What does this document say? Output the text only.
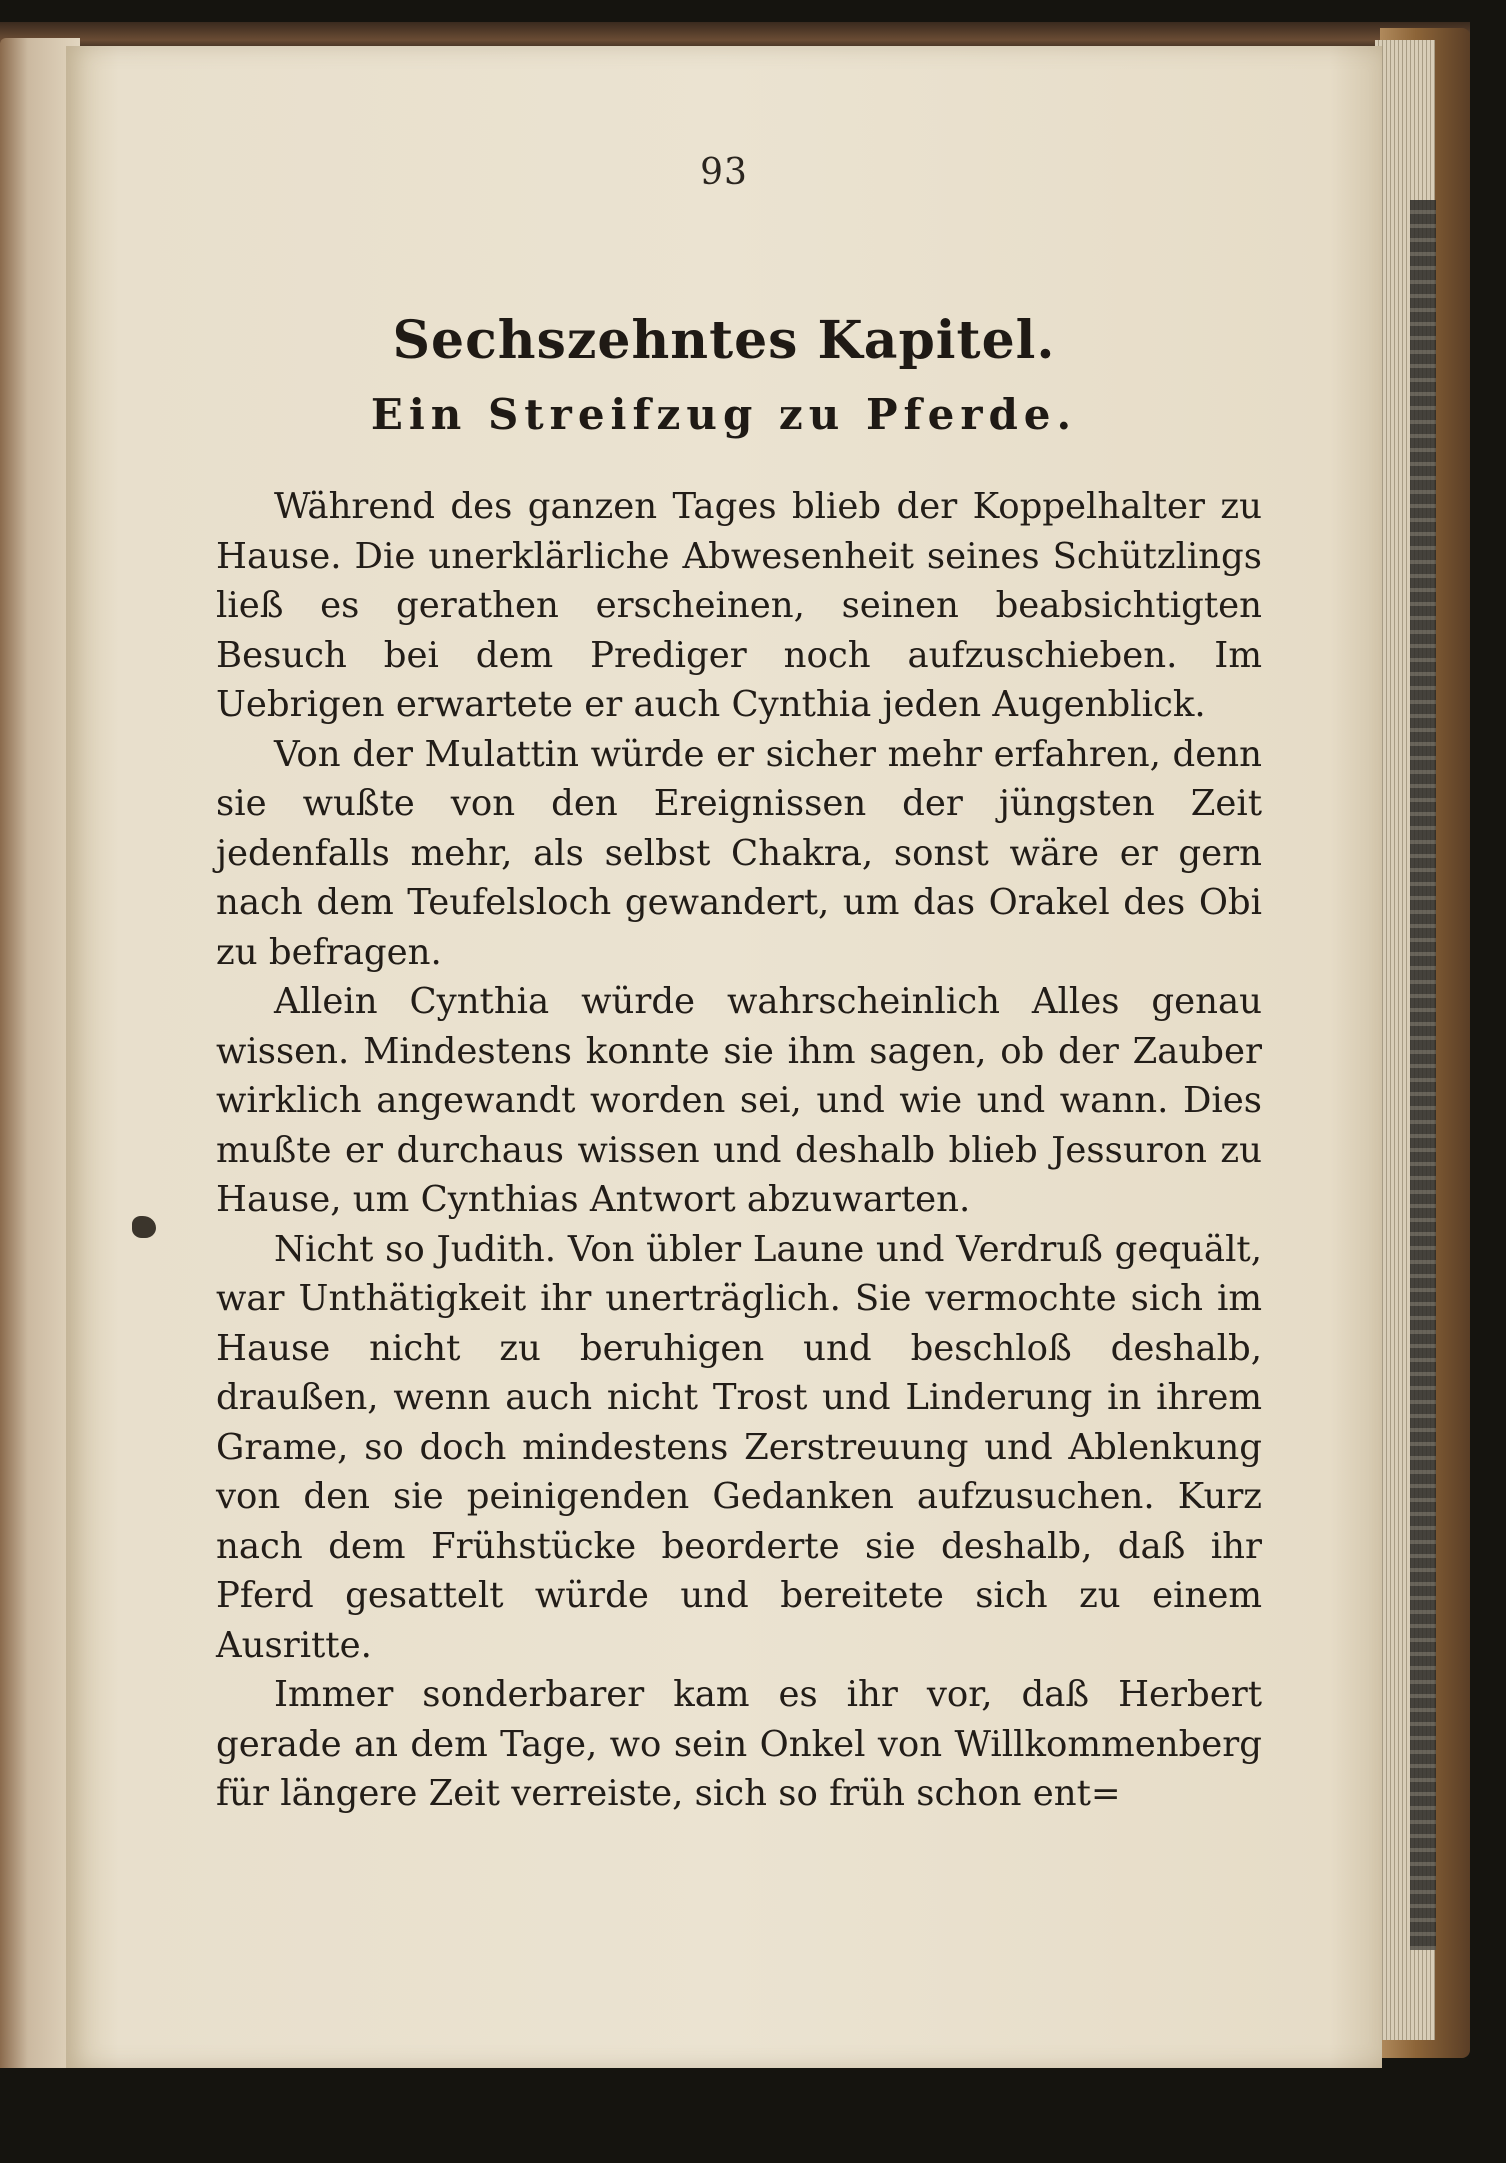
93
Sechszehntes Kapitel.
Ein Streifzug zu Pferde.

Während des ganzen Tages blieb der Koppelhalter zu Hause. Die unerklärliche Abwesenheit seines Schützlings ließ es gerathen erscheinen, seinen beabsichtigten Besuch bei dem Prediger noch aufzuschieben. Im Uebrigen erwartete er auch Cynthia jeden Augenblick.

Von der Mulattin würde er sicher mehr erfahren, denn sie wußte von den Ereignissen der jüngsten Zeit jedenfalls mehr, als selbst Chakra, sonst wäre er gern nach dem Teufelsloch gewandert, um das Orakel des Obi zu befragen.

Allein Cynthia würde wahrscheinlich Alles genau wissen. Mindestens konnte sie ihm sagen, ob der Zauber wirklich angewandt worden sei, und wie und wann. Dies mußte er durchaus wissen und deshalb blieb Jessuron zu Hause, um Cynthias Antwort abzuwarten.

Nicht so Judith. Von übler Laune und Verdruß gequält, war Unthätigkeit ihr unerträglich. Sie vermochte sich im Hause nicht zu beruhigen und beschloß deshalb, draußen, wenn auch nicht Trost und Linderung in ihrem Grame, so doch mindestens Zerstreuung und Ablenkung von den sie peinigenden Gedanken aufzusuchen. Kurz nach dem Frühstücke beorderte sie deshalb, daß ihr Pferd gesattelt würde und bereitete sich zu einem Ausritte.

Immer sonderbarer kam es ihr vor, daß Herbert gerade an dem Tage, wo sein Onkel von Willkommenberg für längere Zeit verreiste, sich so früh schon ent=
